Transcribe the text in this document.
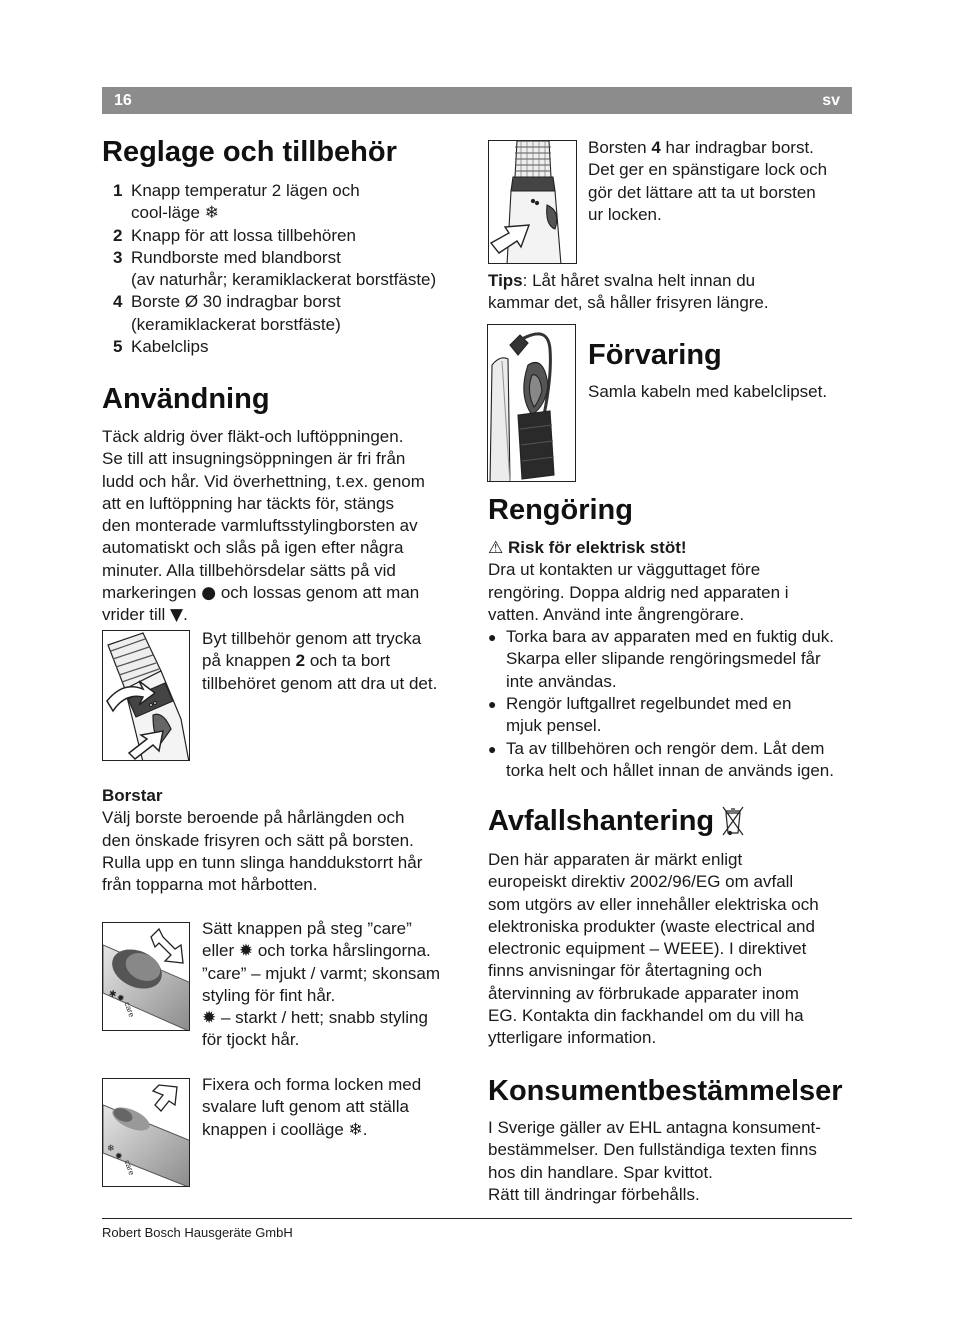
16	sv
Reglage och tillbehör
1 Knapp temperatur 2 lägen och
cool-läge ❄
2 Knapp för att lossa tillbehören
3 Rundborste med blandborst
(av naturhår; keramiklackerat borstfäste)
4 Borste Ø 30 indragbar borst
(keramiklackerat borstfäste)
5 Kabelclips
Användning

Täck aldrig över fläkt-och luftöppningen.

Se till att insugningsöppningen är fri från

ludd och hår. Vid överhettning, t.ex. genom

att en luftöppning har täckts för, stängs

den monterade varmluftsstylingborsten av

automatiskt och slås på igen efter några

minuter. Alla tillbehörsdelar sätts på vid

markeringen ● och lossas genom att man

vrider till ▼.

Byt tillbehör genom att trycka

på knappen 2 och ta bort

tillbehöret genom att dra ut det.

Borstar

Välj borste beroende på hårlängden och

den önskade frisyren och sätt på borsten.

Rulla upp en tunn slinga handdukstorrt hår

från topparna mot hårbotten.

✱ ✹
care

Sätt knappen på steg ”care”

eller ✹ och torka hårslingorna.

”care” – mjukt / varmt; skonsam

styling för fint hår.

✹ – starkt / hett; snabb styling

för tjockt hår.

❄
✹
care

Fixera och forma locken med

svalare luft genom att ställa

knappen i coolläge ❄.

Borsten 4 har indragbar borst.

Det ger en spänstigare lock och

gör det lättare att ta ut borsten

ur locken.

Tips: Låt håret svalna helt innan du

kammar det, så håller frisyren längre.

Förvaring

Samla kabeln med kabelclipset.

Rengöring

⚠ Risk för elektrisk stöt!

Dra ut kontakten ur vägguttaget före

rengöring. Doppa aldrig ned apparaten i

vatten. Använd inte ångrengörare.

● Torka bara av apparaten med en fuktig duk.
Skarpa eller slipande rengöringsmedel får
inte användas.
● Rengör luftgallret regelbundet med en
mjuk pensel.
● Ta av tillbehören och rengör dem. Låt dem
torka helt och hållet innan de används igen.
Avfallshantering

Den här apparaten är märkt enligt

europeiskt direktiv 2002/96/EG om avfall

som utgörs av eller innehåller elektriska och

elektroniska produkter (waste electrical and

electronic equipment – WEEE). I direktivet

finns anvisningar för återtagning och

återvinning av förbrukade apparater inom

EG. Kontakta din fackhandel om du vill ha

ytterligare information.

Konsumentbestämmelser

I Sverige gäller av EHL antagna konsument-

bestämmelser. Den fullständiga texten finns

hos din handlare. Spar kvittot.

Rätt till ändringar förbehålls.

Robert Bosch Hausgeräte GmbH
